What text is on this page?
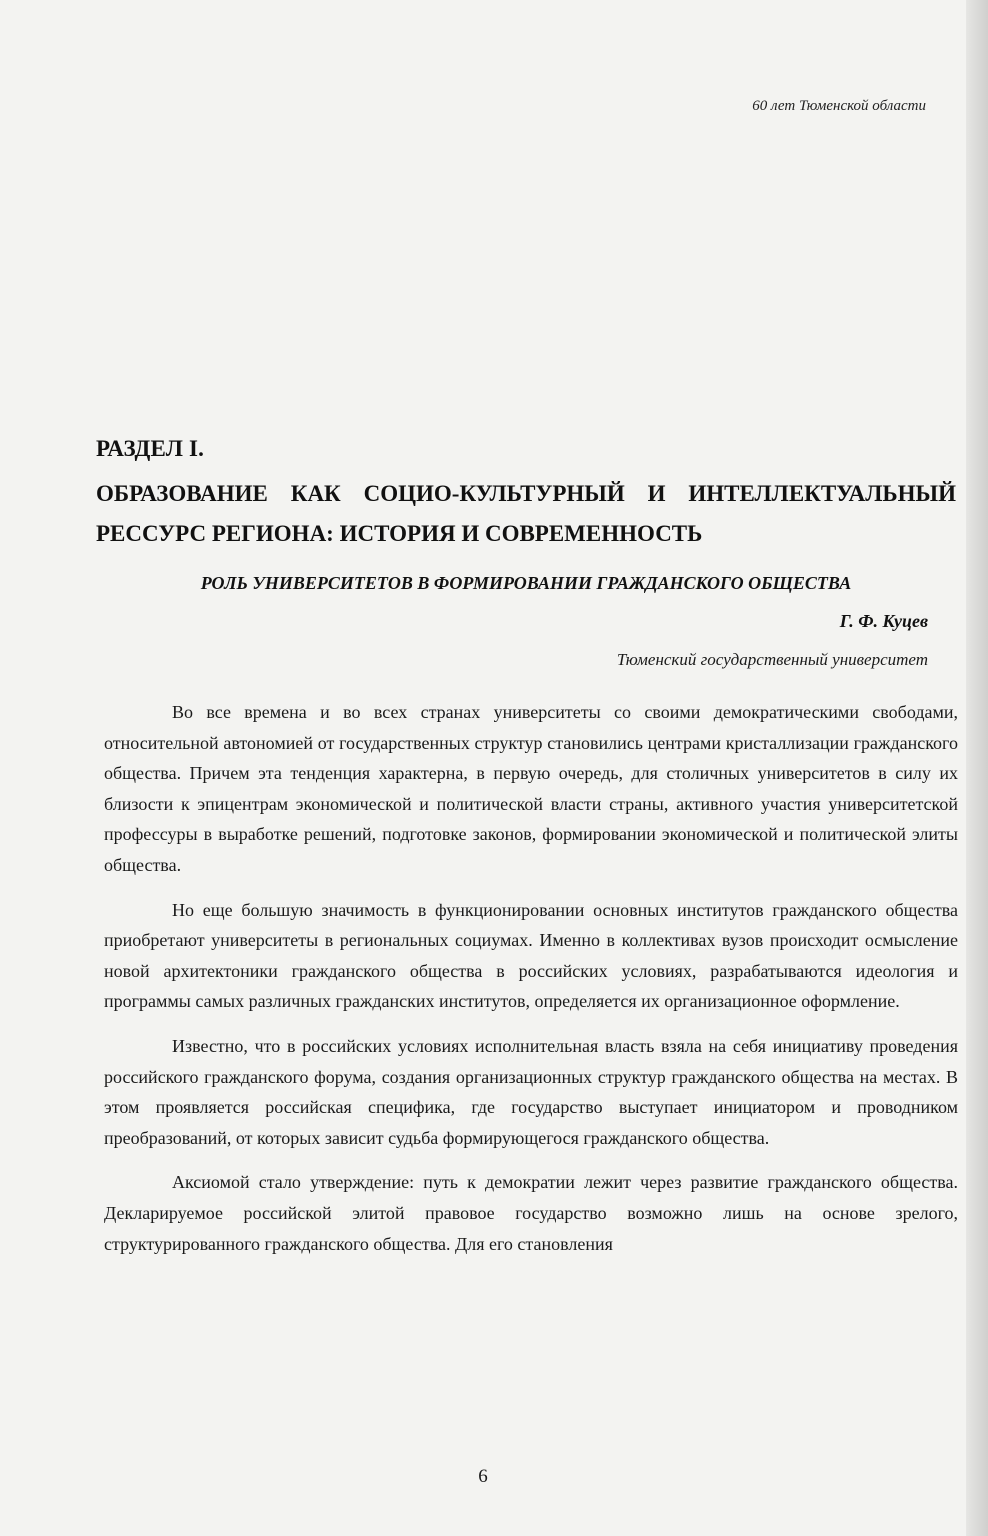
60 лет Тюменской области
РАЗДЕЛ I.
ОБРАЗОВАНИЕ КАК СОЦИО-КУЛЬТУРНЫЙ И ИНТЕЛЛЕКТУАЛЬНЫЙ РЕССУРС РЕГИОНА: ИСТОРИЯ И СОВРЕМЕННОСТЬ
РОЛЬ УНИВЕРСИТЕТОВ В ФОРМИРОВАНИИ ГРАЖДАНСКОГО ОБЩЕСТВА
Г. Ф. Куцев
Тюменский государственный университет

Во все времена и во всех странах университеты со своими демократическими свободами, относительной автономией от государственных структур становились центрами кристаллизации гражданского общества. Причем эта тенденция характерна, в первую очередь, для столичных университетов в силу их близости к эпицентрам экономической и политической власти страны, активного участия университетской профессуры в выработке решений, подготовке законов, формировании экономической и политической элиты общества.

Но еще большую значимость в функционировании основных институтов гражданского общества приобретают университеты в региональных социумах. Именно в коллективах вузов происходит осмысление новой архитектоники гражданского общества в российских условиях, разрабатываются идеология и программы самых различных гражданских институтов, определяется их организационное оформление.

Известно, что в российских условиях исполнительная власть взяла на себя инициативу проведения российского гражданского форума, создания организационных структур гражданского общества на местах. В этом проявляется российская специфика, где государство выступает инициатором и проводником преобразований, от которых зависит судьба формирующегося гражданского общества.

Аксиомой стало утверждение: путь к демократии лежит через развитие гражданского общества. Декларируемое российской элитой правовое государство возможно лишь на основе зрелого, структурированного гражданского общества. Для его становления

6
